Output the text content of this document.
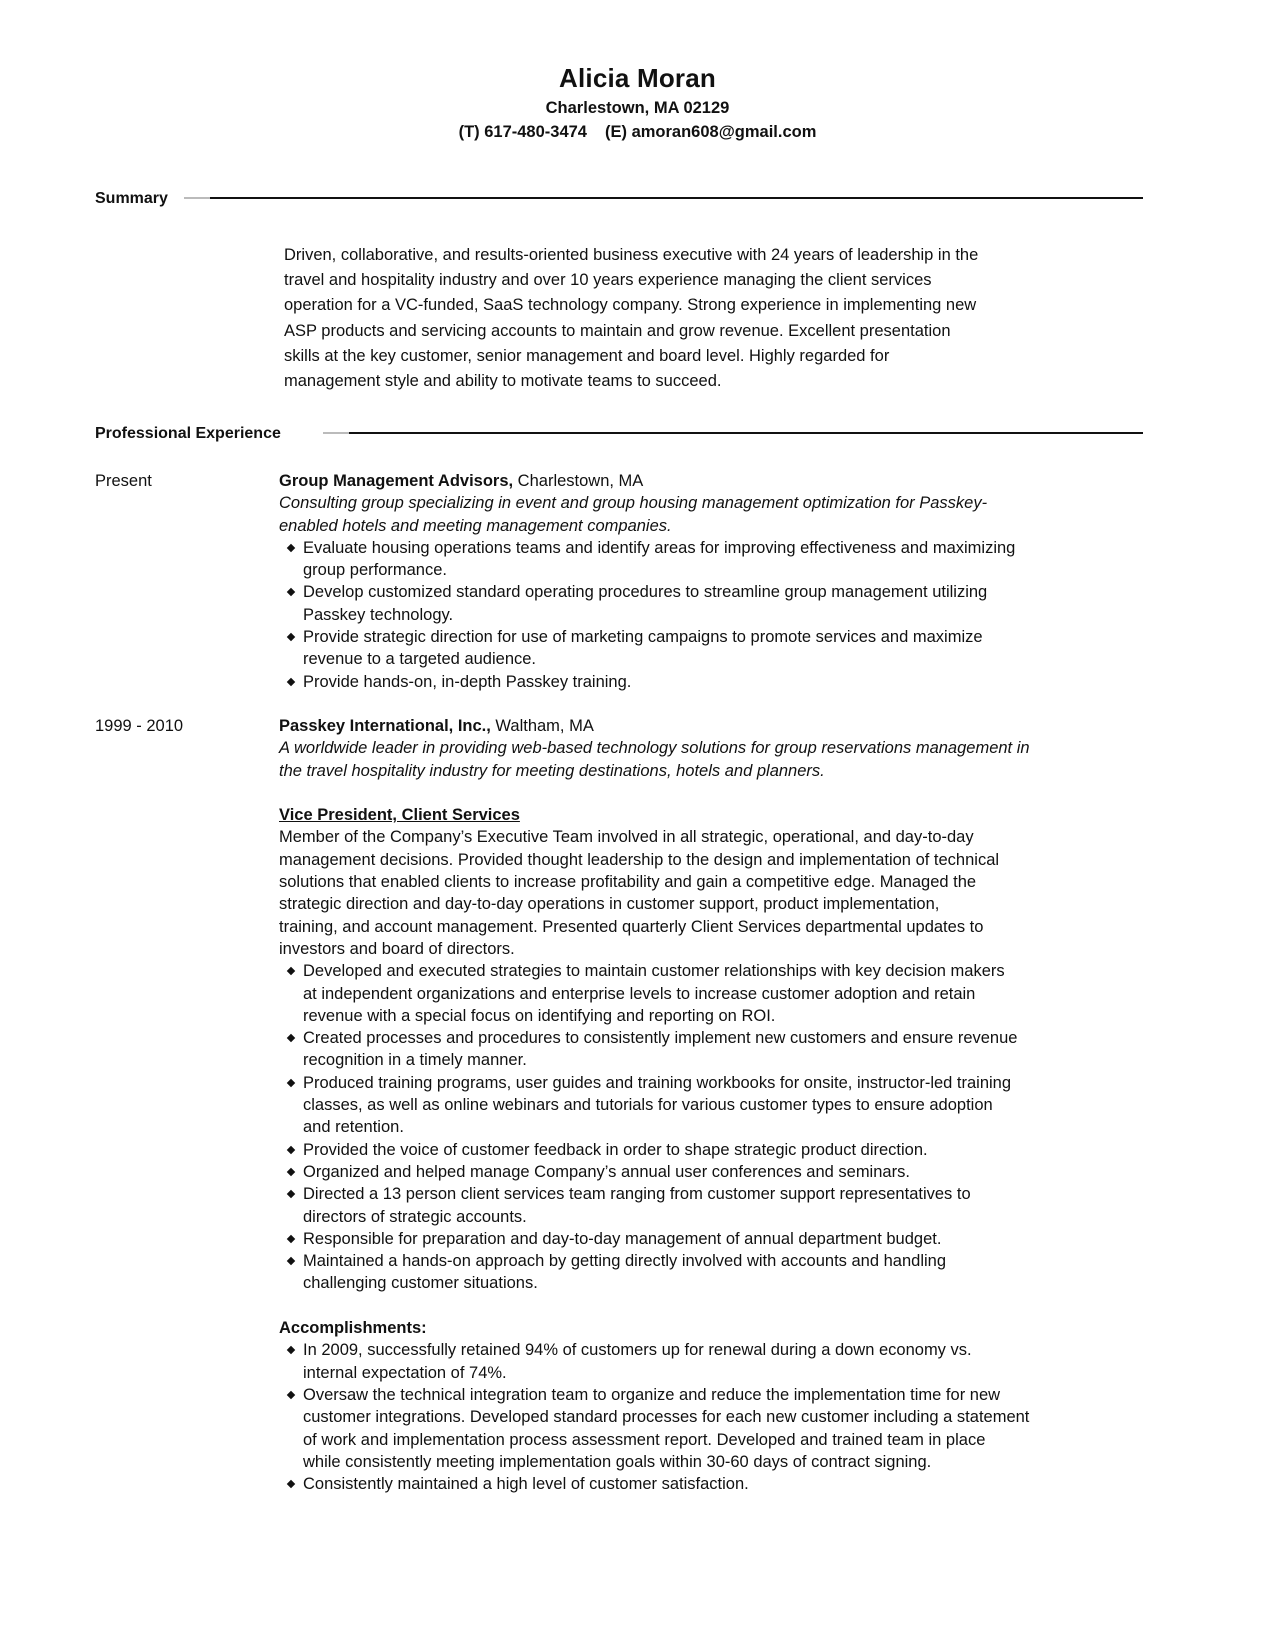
Alicia Moran
Charlestown, MA 02129
(T) 617-480-3474 (E) amoran608@gmail.com
Summary

Driven, collaborative, and results-oriented business executive with 24 years of leadership in the

travel and hospitality industry and over 10 years experience managing the client services

operation for a VC-funded, SaaS technology company. Strong experience in implementing new

ASP products and servicing accounts to maintain and grow revenue. Excellent presentation

skills at the key customer, senior management and board level. Highly regarded for

management style and ability to motivate teams to succeed.

Professional Experience
Present	Group Management Advisors, Charlestown, MA

Consulting group specializing in event and group housing management optimization for Passkey-

enabled hotels and meeting management companies.

Evaluate housing operations teams and identify areas for improving effectiveness and maximizing

group performance.

Develop customized standard operating procedures to streamline group management utilizing

Passkey technology.

Provide strategic direction for use of marketing campaigns to promote services and maximize

revenue to a targeted audience.

Provide hands-on, in-depth Passkey training.

1999 - 2010	Passkey International, Inc., Waltham, MA

A worldwide leader in providing web-based technology solutions for group reservations management in

the travel hospitality industry for meeting destinations, hotels and planners.

Vice President, Client Services

Member of the Company’s Executive Team involved in all strategic, operational, and day-to-day

management decisions. Provided thought leadership to the design and implementation of technical

solutions that enabled clients to increase profitability and gain a competitive edge. Managed the

strategic direction and day-to-day operations in customer support, product implementation,

training, and account management. Presented quarterly Client Services departmental updates to

investors and board of directors.

Developed and executed strategies to maintain customer relationships with key decision makers

at independent organizations and enterprise levels to increase customer adoption and retain

revenue with a special focus on identifying and reporting on ROI.

Created processes and procedures to consistently implement new customers and ensure revenue

recognition in a timely manner.

Produced training programs, user guides and training workbooks for onsite, instructor-led training

classes, as well as online webinars and tutorials for various customer types to ensure adoption

and retention.

Provided the voice of customer feedback in order to shape strategic product direction.

Organized and helped manage Company’s annual user conferences and seminars.

Directed a 13 person client services team ranging from customer support representatives to

directors of strategic accounts.

Responsible for preparation and day-to-day management of annual department budget.

Maintained a hands-on approach by getting directly involved with accounts and handling

challenging customer situations.

Accomplishments:

In 2009, successfully retained 94% of customers up for renewal during a down economy vs.

internal expectation of 74%.

Oversaw the technical integration team to organize and reduce the implementation time for new

customer integrations. Developed standard processes for each new customer including a statement

of work and implementation process assessment report. Developed and trained team in place

while consistently meeting implementation goals within 30-60 days of contract signing.

Consistently maintained a high level of customer satisfaction.
